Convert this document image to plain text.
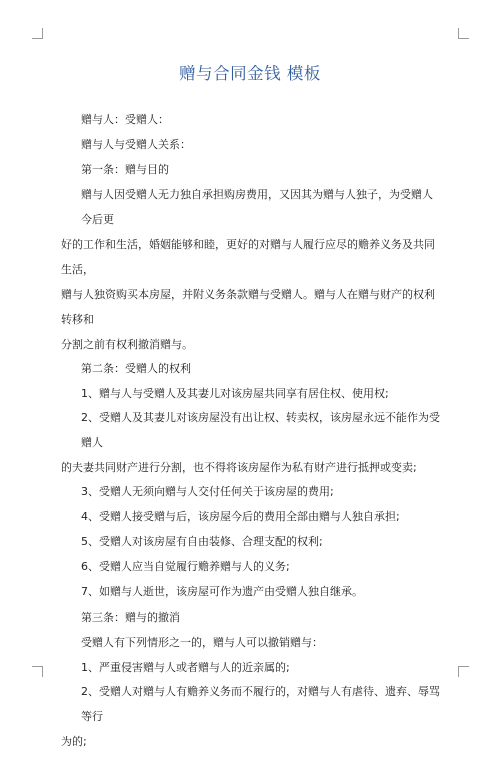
赠与合同金钱 模板
赠与人：受赠人：
赠与人与受赠人关系：
第一条：赠与目的
赠与人因受赠人无力独自承担购房费用，又因其为赠与人独子，为受赠人今后更
好的工作和生活，婚姻能够和睦，更好的对赠与人履行应尽的赡养义务及共同生活，
赠与人独资购买本房屋，并附义务条款赠与受赠人。赠与人在赠与财产的权利转移和
分割之前有权利撤消赠与。
第二条：受赠人的权利
1、赠与人与受赠人及其妻儿对该房屋共同享有居住权、使用权;
2、受赠人及其妻儿对该房屋没有出让权、转卖权，该房屋永远不能作为受赠人
的夫妻共同财产进行分割，也不得将该房屋作为私有财产进行抵押或变卖;
3、受赠人无须向赠与人交付任何关于该房屋的费用;
4、受赠人接受赠与后，该房屋今后的费用全部由赠与人独自承担;
5、受赠人对该房屋有自由装修、合理支配的权利;
6、受赠人应当自觉履行赡养赠与人的义务;
7、如赠与人逝世，该房屋可作为遗产由受赠人独自继承。
第三条：赠与的撤消
受赠人有下列情形之一的，赠与人可以撤销赠与：
1、严重侵害赠与人或者赠与人的近亲属的;
2、受赠人对赠与人有赡养义务而不履行的，对赠与人有虐待、遗弃、辱骂等行
为的;
